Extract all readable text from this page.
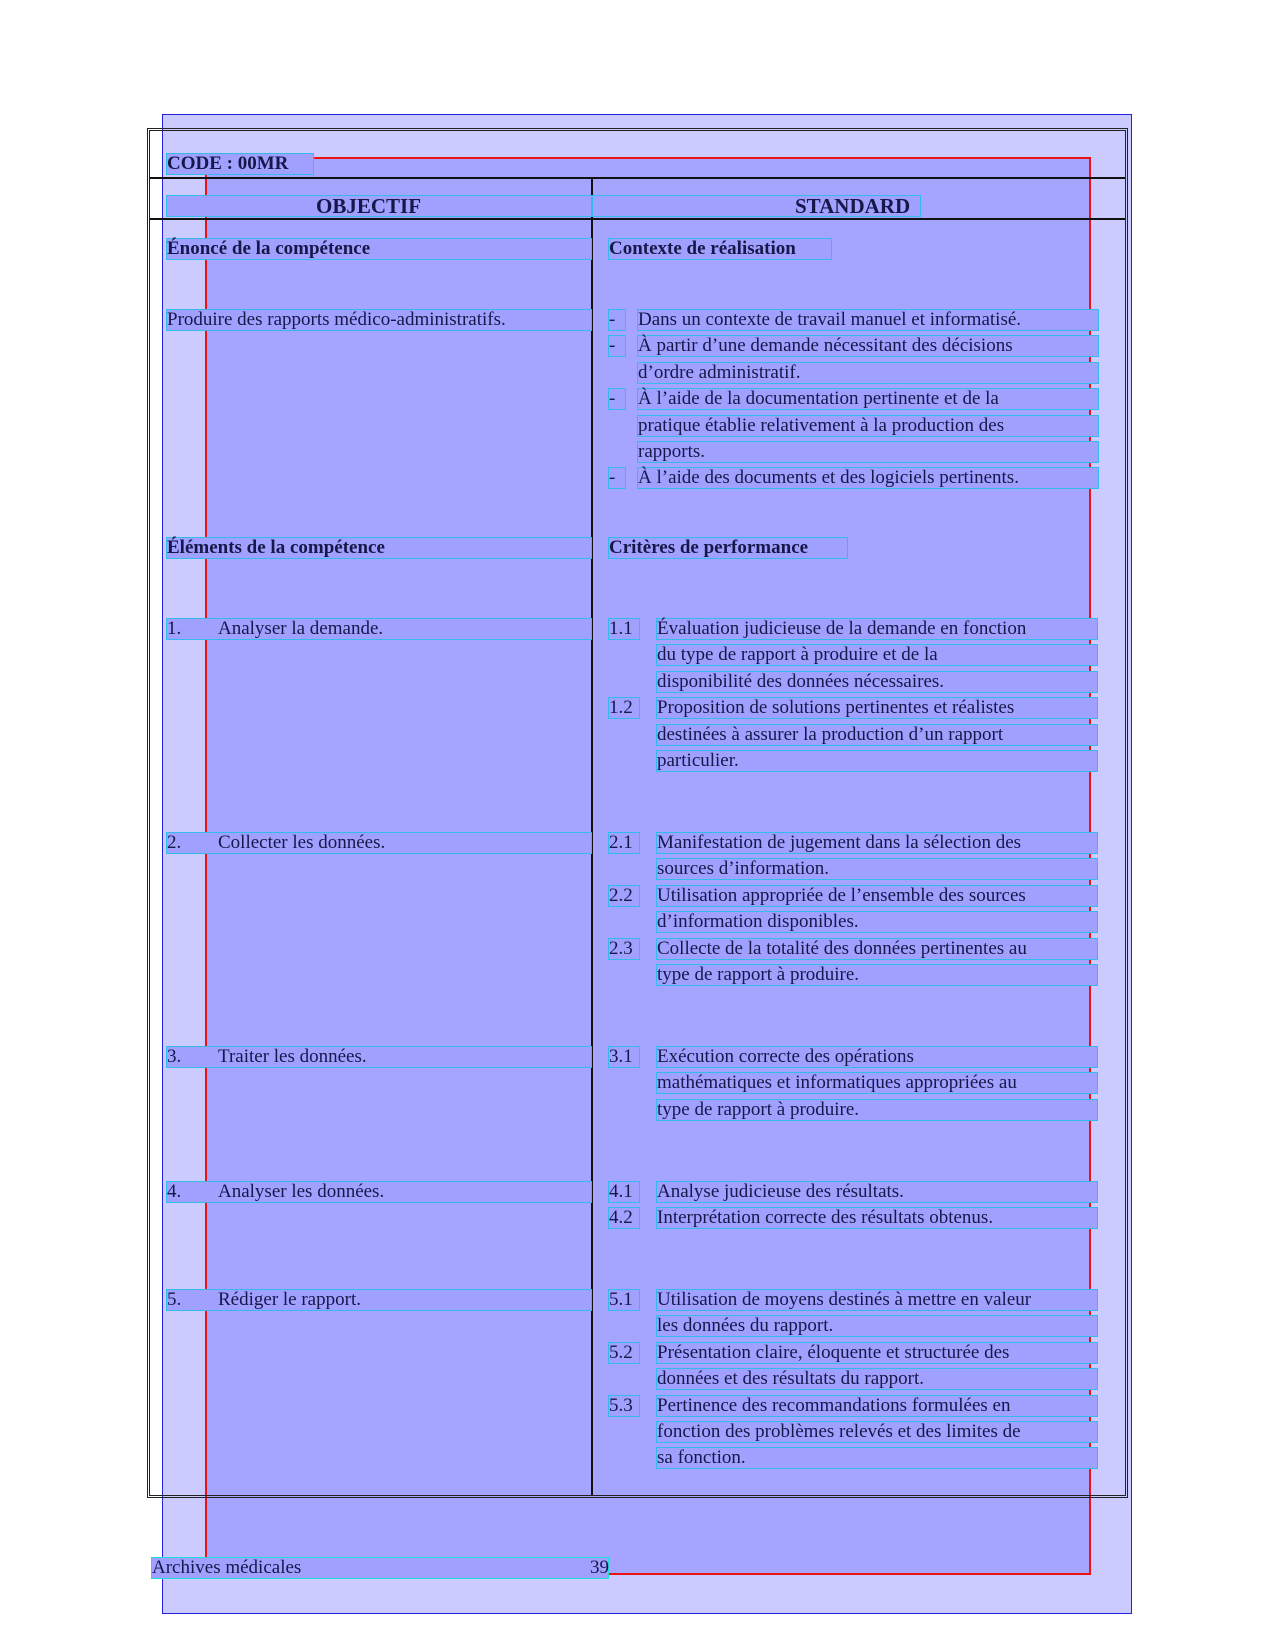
CODE : 00MR
OBJECTIF	STANDARD
Énoncé de la compétence	Contexte de réalisation
Produire des rapports médico-administratifs.	- Dans un contexte de travail manuel et informatisé.
- À partir d’une demande nécessitant des décisions
d’ordre administratif.
- À l’aide de la documentation pertinente et de la
pratique établie relativement à la production des
rapports.
- À l’aide des documents et des logiciels pertinents.
Éléments de la compétence	Critères de performance
1. Analyser la demande.	1.1 Évaluation judicieuse de la demande en fonction
du type de rapport à produire et de la
disponibilité des données nécessaires.
1.2 Proposition de solutions pertinentes et réalistes
destinées à assurer la production d’un rapport
particulier.
2. Collecter les données.	2.1 Manifestation de jugement dans la sélection des
sources d’information.
2.2 Utilisation appropriée de l’ensemble des sources
d’information disponibles.
2.3 Collecte de la totalité des données pertinentes au
type de rapport à produire.
3. Traiter les données.	3.1 Exécution correcte des opérations
mathématiques et informatiques appropriées au
type de rapport à produire.
4. Analyser les données.	4.1 Analyse judicieuse des résultats.
4.2 Interprétation correcte des résultats obtenus.
5. Rédiger le rapport.	5.1 Utilisation de moyens destinés à mettre en valeur
les données du rapport.
5.2 Présentation claire, éloquente et structurée des
données et des résultats du rapport.
5.3 Pertinence des recommandations formulées en
fonction des problèmes relevés et des limites de
sa fonction.
Archives médicales	39
